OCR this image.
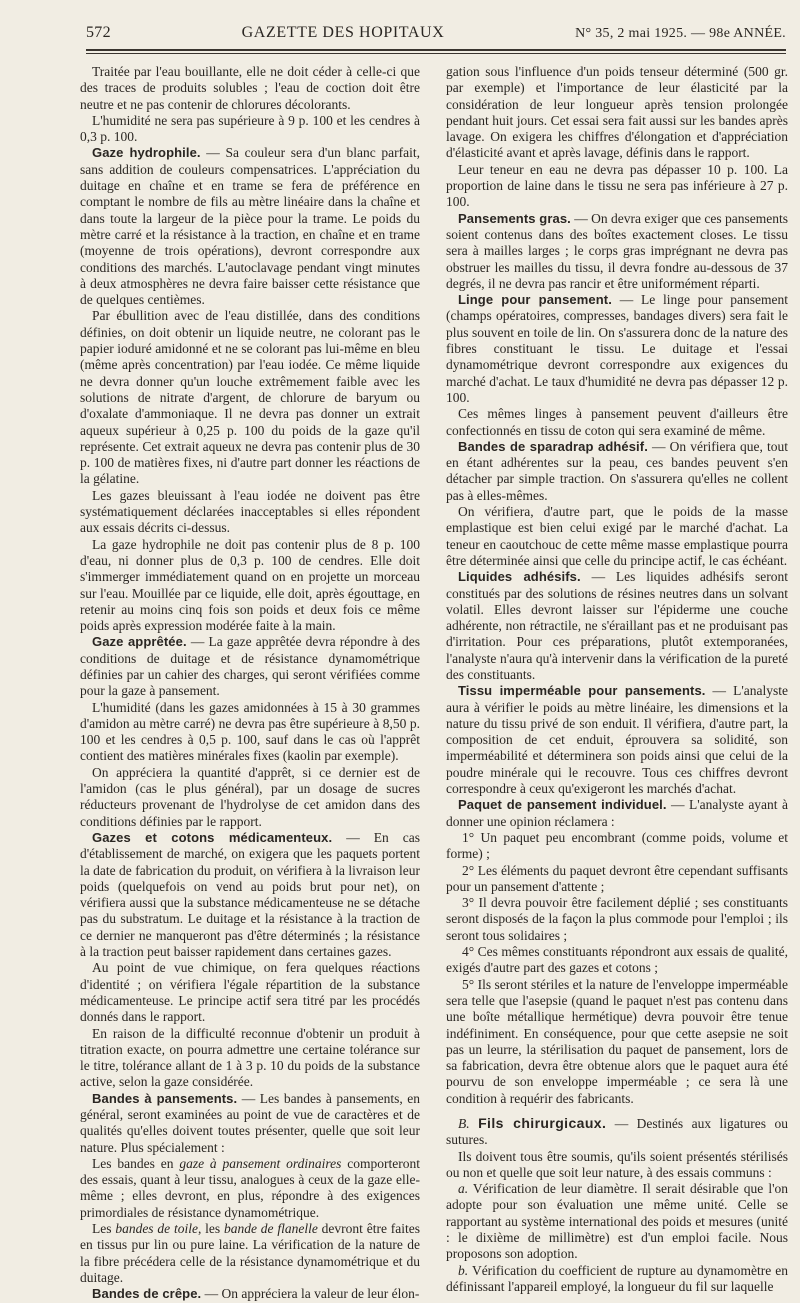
572	GAZETTE DES HOPITAUX	N° 35, 2 mai 1925. — 98e ANNÉE.

Traitée par l'eau bouillante, elle ne doit céder à celle-ci que des traces de produits solubles ; l'eau de coction doit être neutre et ne pas contenir de chlorures décolorants.

L'humidité ne sera pas supérieure à 9 p. 100 et les cendres à 0,3 p. 100.

Gaze hydrophile. — Sa couleur sera d'un blanc parfait, sans addition de couleurs compensatrices. L'appréciation du duitage en chaîne et en trame se fera de préférence en comptant le nombre de fils au mètre linéaire dans la chaîne et dans toute la largeur de la pièce pour la trame. Le poids du mètre carré et la résistance à la traction, en chaîne et en trame (moyenne de trois opérations), devront correspondre aux conditions des marchés. L'autoclavage pendant vingt minutes à deux atmosphères ne devra faire baisser cette résistance que de quelques centièmes.

Par ébullition avec de l'eau distillée, dans des conditions définies, on doit obtenir un liquide neutre, ne colorant pas le papier ioduré amidonné et ne se colorant pas lui-même en bleu (même après concentration) par l'eau iodée. Ce même liquide ne devra donner qu'un louche extrêmement faible avec les solutions de nitrate d'argent, de chlorure de baryum ou d'oxalate d'ammoniaque. Il ne devra pas donner un extrait aqueux supérieur à 0,25 p. 100 du poids de la gaze qu'il représente. Cet extrait aqueux ne devra pas contenir plus de 30 p. 100 de matières fixes, ni d'autre part donner les réactions de la gélatine.

Les gazes bleuissant à l'eau iodée ne doivent pas être systématiquement déclarées inacceptables si elles répondent aux essais décrits ci-dessus.

La gaze hydrophile ne doit pas contenir plus de 8 p. 100 d'eau, ni donner plus de 0,3 p. 100 de cendres. Elle doit s'immerger immédiatement quand on en projette un morceau sur l'eau. Mouillée par ce liquide, elle doit, après égouttage, en retenir au moins cinq fois son poids et deux fois ce même poids après expression modérée faite à la main.

Gaze apprêtée. — La gaze apprêtée devra répondre à des conditions de duitage et de résistance dynamométrique définies par un cahier des charges, qui seront vérifiées comme pour la gaze à pansement.

L'humidité (dans les gazes amidonnées à 15 à 30 grammes d'amidon au mètre carré) ne devra pas être supérieure à 8,50 p. 100 et les cendres à 0,5 p. 100, sauf dans le cas où l'apprêt contient des matières minérales fixes (kaolin par exemple).

On appréciera la quantité d'apprêt, si ce dernier est de l'amidon (cas le plus général), par un dosage de sucres réducteurs provenant de l'hydrolyse de cet amidon dans des conditions définies par le rapport.

Gazes et cotons médicamenteux. — En cas d'établissement de marché, on exigera que les paquets portent la date de fabrication du produit, on vérifiera à la livraison leur poids (quelquefois on vend au poids brut pour net), on vérifiera aussi que la substance médicamenteuse ne se détache pas du substratum. Le duitage et la résistance à la traction de ce dernier ne manqueront pas d'être déterminés ; la résistance à la traction peut baisser rapidement dans certaines gazes.

Au point de vue chimique, on fera quelques réactions d'identité ; on vérifiera l'égale répartition de la substance médicamenteuse. Le principe actif sera titré par les procédés donnés dans le rapport.

En raison de la difficulté reconnue d'obtenir un produit à titration exacte, on pourra admettre une certaine tolérance sur le titre, tolérance allant de 1 à 3 p. 10 du poids de la substance active, selon la gaze considérée.

Bandes à pansements. — Les bandes à pansements, en général, seront examinées au point de vue de caractères et de qualités qu'elles doivent toutes présenter, quelle que soit leur nature. Plus spécialement :

Les bandes en gaze à pansement ordinaires comporteront des essais, quant à leur tissu, analogues à ceux de la gaze elle-même ; elles devront, en plus, répondre à des exigences primordiales de résistance dynamométrique.

Les bandes de toile, les bande de flanelle devront être faites en tissus pur lin ou pure laine. La vérification de la nature de la fibre précédera celle de la résistance dynamométrique et du duitage.

Bandes de crêpe. — On appréciera la valeur de leur élon-

gation sous l'influence d'un poids tenseur déterminé (500 gr. par exemple) et l'importance de leur élasticité par la considération de leur longueur après tension prolongée pendant huit jours. Cet essai sera fait aussi sur les bandes après lavage. On exigera les chiffres d'élongation et d'appréciation d'élasticité avant et après lavage, définis dans le rapport.

Leur teneur en eau ne devra pas dépasser 10 p. 100. La proportion de laine dans le tissu ne sera pas inférieure à 27 p. 100.

Pansements gras. — On devra exiger que ces pansements soient contenus dans des boîtes exactement closes. Le tissu sera à mailles larges ; le corps gras imprégnant ne devra pas obstruer les mailles du tissu, il devra fondre au-dessous de 37 degrés, il ne devra pas rancir et être uniformément réparti.

Linge pour pansement. — Le linge pour pansement (champs opératoires, compresses, bandages divers) sera fait le plus souvent en toile de lin. On s'assurera donc de la nature des fibres constituant le tissu. Le duitage et l'essai dynamométrique devront correspondre aux exigences du marché d'achat. Le taux d'humidité ne devra pas dépasser 12 p. 100.

Ces mêmes linges à pansement peuvent d'ailleurs être confectionnés en tissu de coton qui sera examiné de même.

Bandes de sparadrap adhésif. — On vérifiera que, tout en étant adhérentes sur la peau, ces bandes peuvent s'en détacher par simple traction. On s'assurera qu'elles ne collent pas à elles-mêmes.

On vérifiera, d'autre part, que le poids de la masse emplastique est bien celui exigé par le marché d'achat. La teneur en caoutchouc de cette même masse emplastique pourra être déterminée ainsi que celle du principe actif, le cas échéant.

Liquides adhésifs. — Les liquides adhésifs seront constitués par des solutions de résines neutres dans un solvant volatil. Elles devront laisser sur l'épiderme une couche adhérente, non rétractile, ne s'éraillant pas et ne produisant pas d'irritation. Pour ces préparations, plutôt extemporanées, l'analyste n'aura qu'à intervenir dans la vérification de la pureté des constituants.

Tissu imperméable pour pansements. — L'analyste aura à vérifier le poids au mètre linéaire, les dimensions et la nature du tissu privé de son enduit. Il vérifiera, d'autre part, la composition de cet enduit, éprouvera sa solidité, son imperméabilité et déterminera son poids ainsi que celui de la poudre minérale qui le recouvre. Tous ces chiffres devront correspondre à ceux qu'exigeront les marchés d'achat.

Paquet de pansement individuel. — L'analyste ayant à donner une opinion réclamera :

1° Un paquet peu encombrant (comme poids, volume et forme) ;

2° Les éléments du paquet devront être cependant suffisants pour un pansement d'attente ;

3° Il devra pouvoir être facilement déplié ; ses constituants seront disposés de la façon la plus commode pour l'emploi ; ils seront tous solidaires ;

4° Ces mêmes constituants répondront aux essais de qualité, exigés d'autre part des gazes et cotons ;

5° Ils seront stériles et la nature de l'enveloppe imperméable sera telle que l'asepsie (quand le paquet n'est pas contenu dans une boîte métallique hermétique) devra pouvoir être tenue indéfiniment. En conséquence, pour que cette asepsie ne soit pas un leurre, la stérilisation du paquet de pansement, lors de sa fabrication, devra être obtenue alors que le paquet aura été pourvu de son enveloppe imperméable ; ce sera là une condition à requérir des fabricants.

B. Fils chirurgicaux. — Destinés aux ligatures ou sutures.

Ils doivent tous être soumis, qu'ils soient présentés stérilisés ou non et quelle que soit leur nature, à des essais communs :

a. Vérification de leur diamètre. Il serait désirable que l'on adopte pour son évaluation une même unité. Celle se rapportant au système international des poids et mesures (unité : le dixième de millimètre) est d'un emploi facile. Nous proposons son adoption.

b. Vérification du coefficient de rupture au dynamomètre en définissant l'appareil employé, la longueur du fil sur laquelle
